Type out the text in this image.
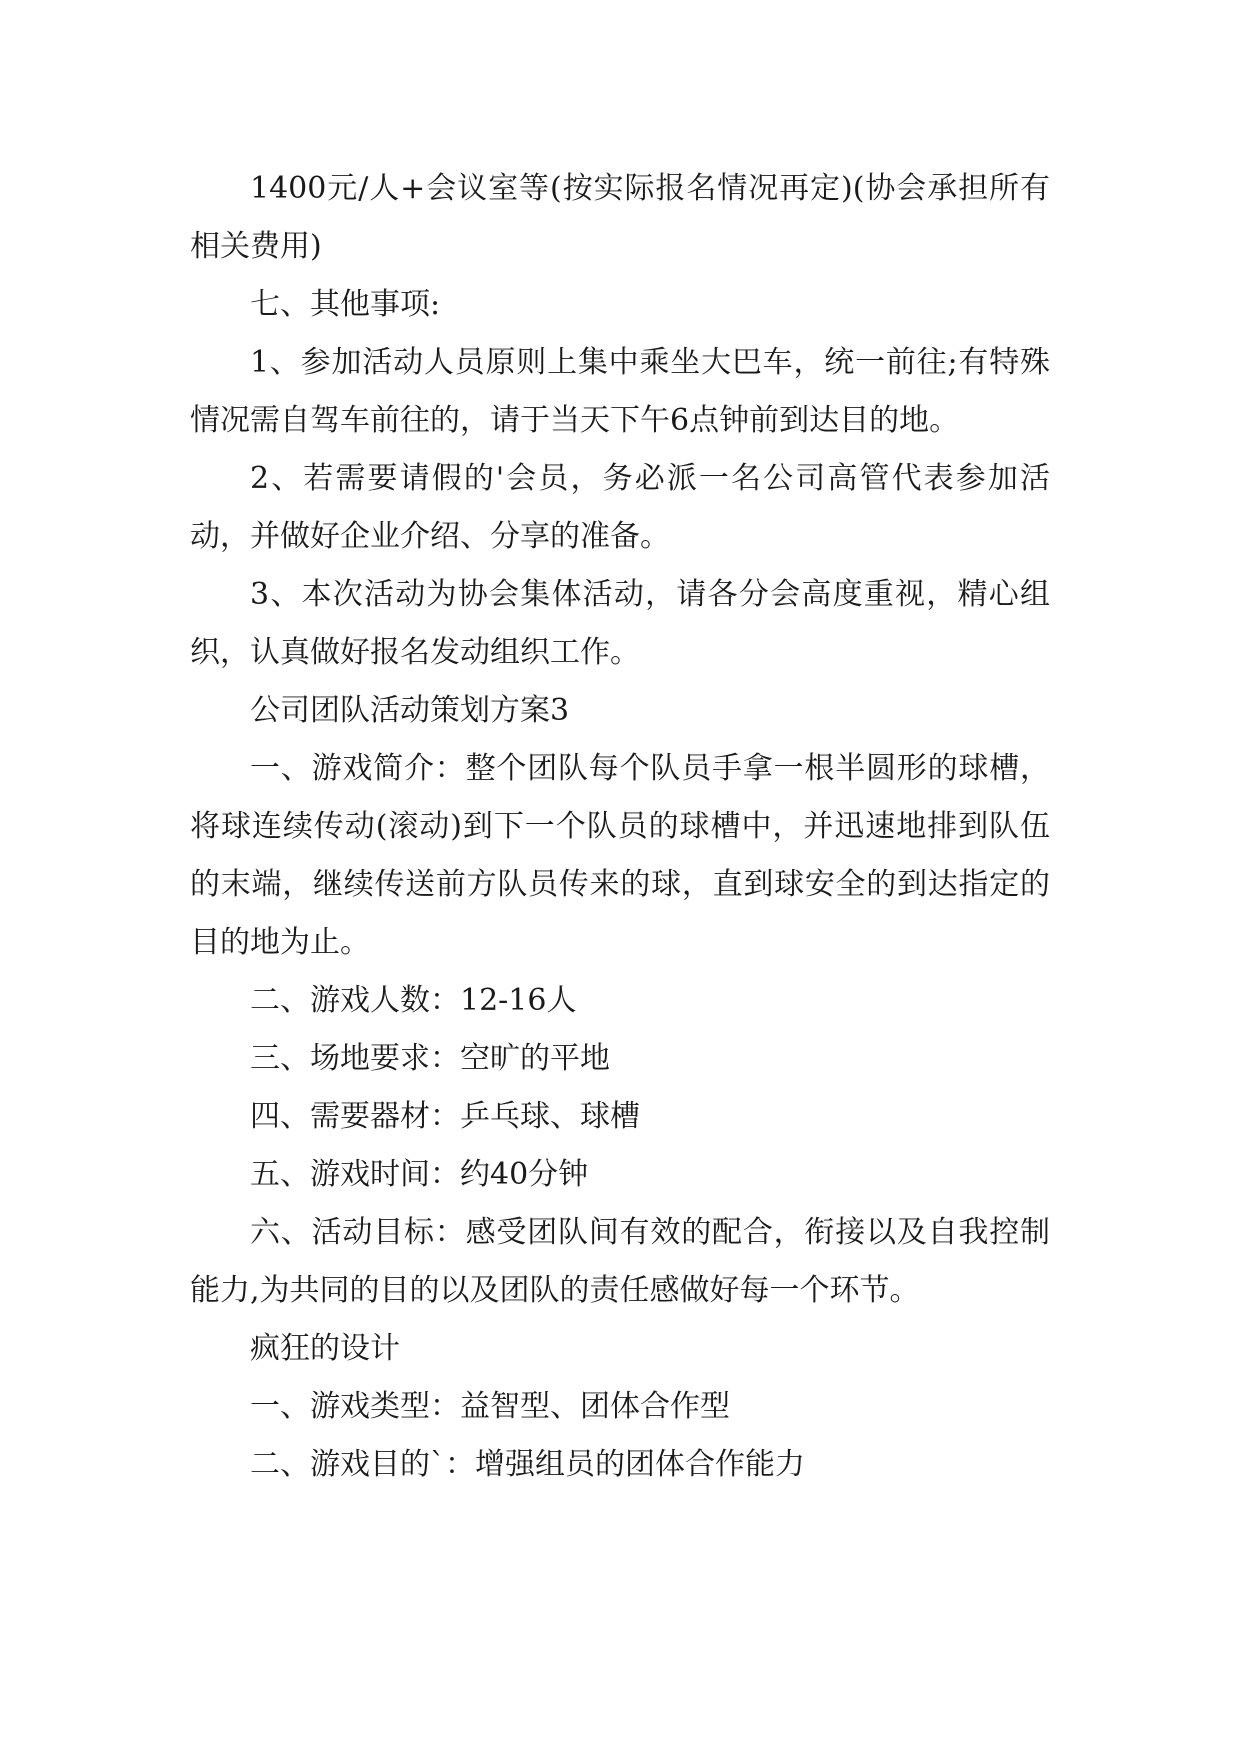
1400元/人+会议室等(按实际报名情况再定)(协会承担所有相关费用)

七、其他事项:

1、参加活动人员原则上集中乘坐大巴车，统一前往;有特殊情况需自驾车前往的，请于当天下午6点钟前到达目的地。

2、若需要请假的'会员，务必派一名公司高管代表参加活动，并做好企业介绍、分享的准备。

3、本次活动为协会集体活动，请各分会高度重视，精心组织，认真做好报名发动组织工作。

公司团队活动策划方案3

一、游戏简介：整个团队每个队员手拿一根半圆形的球槽，将球连续传动(滚动)到下一个队员的球槽中，并迅速地排到队伍的末端，继续传送前方队员传来的球，直到球安全的到达指定的目的地为止。

二、游戏人数：12-16人

三、场地要求：空旷的平地

四、需要器材：乒乓球、球槽

五、游戏时间：约40分钟

六、活动目标：感受团队间有效的配合，衔接以及自我控制能力,为共同的目的以及团队的责任感做好每一个环节。

疯狂的设计

一、游戏类型：益智型、团体合作型

二、游戏目的`：增强组员的团体合作能力
